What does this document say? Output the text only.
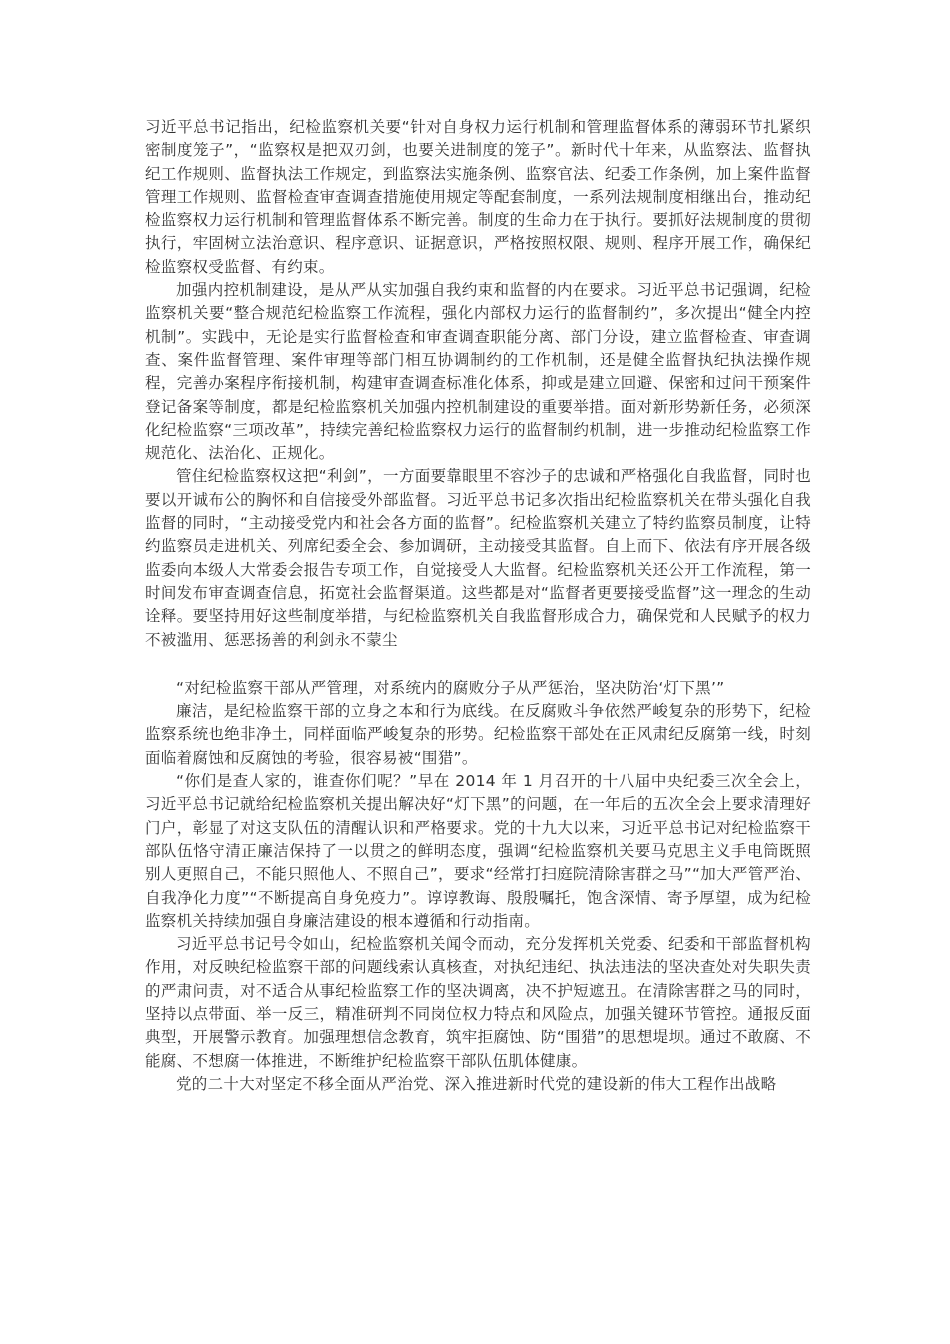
习近平总书记指出，纪检监察机关要“针对自身权力运行机制和管理监督体系的薄弱环节扎紧织密制度笼子”，“监察权是把双刃剑，也要关进制度的笼子”。新时代十年来，从监察法、监督执纪工作规则、监督执法工作规定，到监察法实施条例、监察官法、纪委工作条例，加上案件监督管理工作规则、监督检查审查调查措施使用规定等配套制度，一系列法规制度相继出台，推动纪检监察权力运行机制和管理监督体系不断完善。制度的生命力在于执行。要抓好法规制度的贯彻执行，牢固树立法治意识、程序意识、证据意识，严格按照权限、规则、程序开展工作，确保纪检监察权受监督、有约束。

加强内控机制建设，是从严从实加强自我约束和监督的内在要求。习近平总书记强调，纪检监察机关要“整合规范纪检监察工作流程，强化内部权力运行的监督制约”，多次提出“健全内控机制”。实践中，无论是实行监督检查和审查调查职能分离、部门分设，建立监督检查、审查调查、案件监督管理、案件审理等部门相互协调制约的工作机制，还是健全监督执纪执法操作规程，完善办案程序衔接机制，构建审查调查标准化体系，抑或是建立回避、保密和过问干预案件登记备案等制度，都是纪检监察机关加强内控机制建设的重要举措。面对新形势新任务，必须深化纪检监察“三项改革”，持续完善纪检监察权力运行的监督制约机制，进一步推动纪检监察工作规范化、法治化、正规化。

管住纪检监察权这把“利剑”，一方面要靠眼里不容沙子的忠诚和严格强化自我监督，同时也要以开诚布公的胸怀和自信接受外部监督。习近平总书记多次指出纪检监察机关在带头强化自我监督的同时，“主动接受党内和社会各方面的监督”。纪检监察机关建立了特约监察员制度，让特约监察员走进机关、列席纪委全会、参加调研，主动接受其监督。自上而下、依法有序开展各级监委向本级人大常委会报告专项工作，自觉接受人大监督。纪检监察机关还公开工作流程，第一时间发布审查调查信息，拓宽社会监督渠道。这些都是对“监督者更要接受监督”这一理念的生动诠释。要坚持用好这些制度举措，与纪检监察机关自我监督形成合力，确保党和人民赋予的权力不被滥用、惩恶扬善的利剑永不蒙尘

“对纪检监察干部从严管理，对系统内的腐败分子从严惩治，坚决防治‘灯下黑’”

廉洁，是纪检监察干部的立身之本和行为底线。在反腐败斗争依然严峻复杂的形势下，纪检监察系统也绝非净土，同样面临严峻复杂的形势。纪检监察干部处在正风肃纪反腐第一线，时刻面临着腐蚀和反腐蚀的考验，很容易被“围猎”。

“你们是查人家的，谁查你们呢？”早在 2014 年 1 月召开的十八届中央纪委三次全会上，习近平总书记就给纪检监察机关提出解决好“灯下黑”的问题，在一年后的五次全会上要求清理好门户，彰显了对这支队伍的清醒认识和严格要求。党的十九大以来，习近平总书记对纪检监察干部队伍恪守清正廉洁保持了一以贯之的鲜明态度，强调“纪检监察机关要马克思主义手电筒既照别人更照自己，不能只照他人、不照自己”，要求“经常打扫庭院清除害群之马”“加大严管严治、自我净化力度”“不断提高自身免疫力”。谆谆教诲、殷殷嘱托，饱含深情、寄予厚望，成为纪检监察机关持续加强自身廉洁建设的根本遵循和行动指南。

习近平总书记号令如山，纪检监察机关闻令而动，充分发挥机关党委、纪委和干部监督机构作用，对反映纪检监察干部的问题线索认真核查，对执纪违纪、执法违法的坚决查处对失职失责的严肃问责，对不适合从事纪检监察工作的坚决调离，决不护短遮丑。在清除害群之马的同时，坚持以点带面、举一反三，精准研判不同岗位权力特点和风险点，加强关键环节管控。通报反面典型，开展警示教育。加强理想信念教育，筑牢拒腐蚀、防“围猎”的思想堤坝。通过不敢腐、不能腐、不想腐一体推进，不断维护纪检监察干部队伍肌体健康。

党的二十大对坚定不移全面从严治党、深入推进新时代党的建设新的伟大工程作出战略
